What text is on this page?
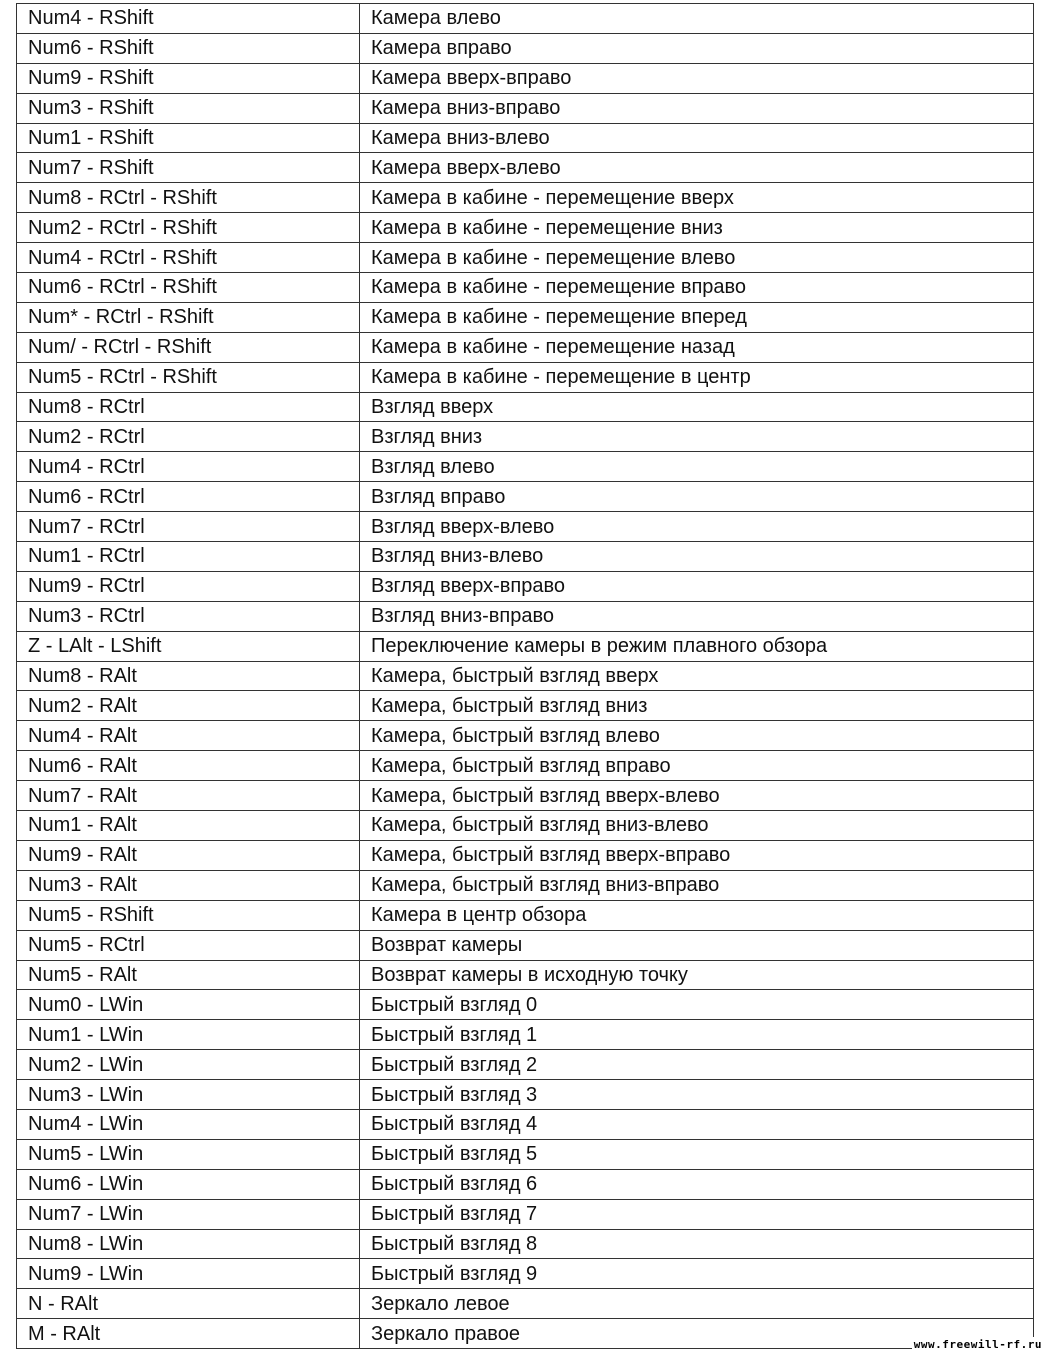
Num4 - RShift	Камера влево
Num6 - RShift	Камера вправо
Num9 - RShift	Камера вверх-вправо
Num3 - RShift	Камера вниз-вправо
Num1 - RShift	Камера вниз-влево
Num7 - RShift	Камера вверх-влево
Num8 - RCtrl - RShift	Камера в кабине - перемещение вверх
Num2 - RCtrl - RShift	Камера в кабине - перемещение вниз
Num4 - RCtrl - RShift	Камера в кабине - перемещение влево
Num6 - RCtrl - RShift	Камера в кабине - перемещение вправо
Num* - RCtrl - RShift	Камера в кабине - перемещение вперед
Num/ - RCtrl - RShift	Камера в кабине - перемещение назад
Num5 - RCtrl - RShift	Камера в кабине - перемещение в центр
Num8 - RCtrl	Взгляд вверх
Num2 - RCtrl	Взгляд вниз
Num4 - RCtrl	Взгляд влево
Num6 - RCtrl	Взгляд вправо
Num7 - RCtrl	Взгляд вверх-влево
Num1 - RCtrl	Взгляд вниз-влево
Num9 - RCtrl	Взгляд вверх-вправо
Num3 - RCtrl	Взгляд вниз-вправо
Z - LAlt - LShift	Переключение камеры в режим плавного обзора
Num8 - RAlt	Камера, быстрый взгляд вверх
Num2 - RAlt	Камера, быстрый взгляд вниз
Num4 - RAlt	Камера, быстрый взгляд влево
Num6 - RAlt	Камера, быстрый взгляд вправо
Num7 - RAlt	Камера, быстрый взгляд вверх-влево
Num1 - RAlt	Камера, быстрый взгляд вниз-влево
Num9 - RAlt	Камера, быстрый взгляд вверх-вправо
Num3 - RAlt	Камера, быстрый взгляд вниз-вправо
Num5 - RShift	Камера в центр обзора
Num5 - RCtrl	Возврат камеры
Num5 - RAlt	Возврат камеры в исходную точку
Num0 - LWin	Быстрый взгляд 0
Num1 - LWin	Быстрый взгляд 1
Num2 - LWin	Быстрый взгляд 2
Num3 - LWin	Быстрый взгляд 3
Num4 - LWin	Быстрый взгляд 4
Num5 - LWin	Быстрый взгляд 5
Num6 - LWin	Быстрый взгляд 6
Num7 - LWin	Быстрый взгляд 7
Num8 - LWin	Быстрый взгляд 8
Num9 - LWin	Быстрый взгляд 9
N - RAlt	Зеркало левое
M - RAlt	Зеркало правое	www.freewill-rf.ru
